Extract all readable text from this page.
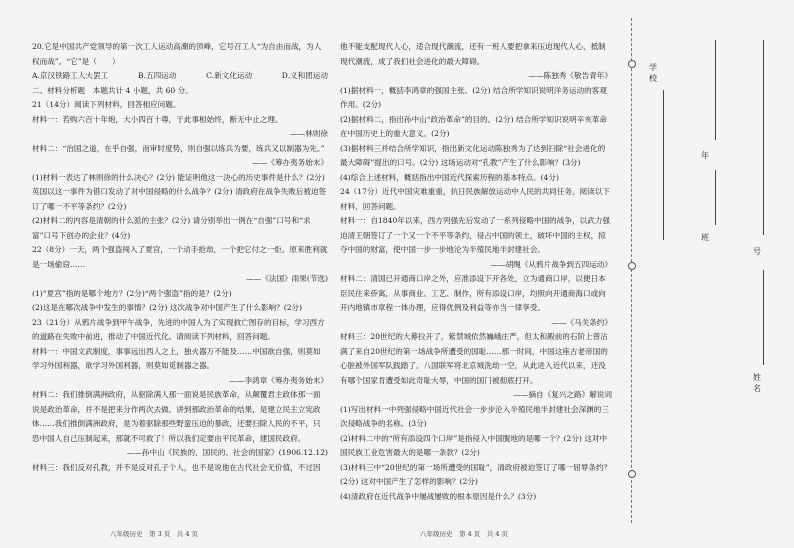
20.它是中国共产党领导的第一次工人运动高潮的顶峰，它号召工人“为自由而战，为人权而战”。“它”是（　　）

A.京汉铁路工人大罢工	B.五四运动	C.新文化运动	D.义和团运动

二、材料分析题　本题共计 4 小题，共 60 分。

21（14分）阅读下列材料，回答相应问题。

材料一：若购六百十年炮，大小四百十尊，于此事相始终，断无中止之理。

——林则徐

材料二：“治国之道，在乎自强，而审时度势，则自强以练兵为要，练兵又以制器为先。”

——《筹办夷务始末》

(1)材料一表达了林则徐的什么决心？(2分) 能证明他这一决心的历史事件是什么？(2分) 英国以这一事件为借口发动了对中国侵略的什么战争？(2分) 清政府在战争失败后被迫签订了哪一不平等条约？(2分)

(2)材料二的内容是清朝的什么派的主张？(2分) 请分别举出一例在“自强”口号和“求富”口号下创办的企业？(4分)

22（8分）一天，两个强盗闯入了夏宫，一个动手抢劫，一个把它付之一炬。原来胜利就是一场偷窃……

——《法国》雨果(节选)

(1)“夏宫”指的是哪个地方？(2分)“两个强盗”指的是？(2分)

(2)这是在哪次战争中发生的事情？(2分) 这次战争对中国产生了什么影响？(2分)

23（21分）从鸦片战争到甲午战争，先进的中国人为了实现救亡图存的目标，学习西方的道路在失败中前进，推动了中国近代化。请阅读下列材料，回答问题。

材料一：中国文武制度，事事远出西人之上，独火器万不能及……中国欲自强，则莫如学习外国利器，欲学习外国利器，则莫如觅制器之器。

——李鸿章《筹办夷务始末》

材料二：我们推倒满洲政府，从驱除满人那一面说是民族革命，从颠覆君主政体那一面说是政治革命，并不是把来分作两次去做。讲到那政治革命的结果，是建立民主立宪政体……我们推倒满洲政府，是为着驱除那些野蛮压迫的暴政，还要扫除人民的不平，只恐中国人自己压制起来，那就不可救了！所以我们定要由平民革命，建国民政府。

——孙中山《民族的、国民的、社会的国家》(1906.12.12)

材料三：我们反对孔教，并不是反对孔子个人，也不是说他在古代社会无价值，不过因

八年级历史　第 3 页　共 4 页

他不能支配现代人心，适合现代潮流，还有一班人要把拿来压迫现代人心，抵制现代潮流，成了我们社会进化的最大障碍。

——陈独秀《敬告青年》

(1)据材料一，概括李鸿章的强国主张。(2分) 结合所学知识说明洋务运动的客观作用。(2分)

(2)据材料二，指出孙中山“政治革命”的目的。(2分) 结合所学知识说明辛亥革命在中国历史上的重大意义。(2分)

(3)据材料三并结合所学知识，指出新文化运动陈独秀为了达到扫除“社会进化的最大障碍”提出的口号。(2分) 这场运动对“孔教”产生了什么影响？(3分)

(4)综合上述材料，概括指出中国近代探索历程的基本特点。(4分)

24（17分）近代中国灾难重重，抗日民族解放运动中人民的共同任务。阅读以下材料，回答问题。

材料一：自1840年以来，西方列强先后发动了一系列侵略中国的战争，以武力强迫清王朝签订了一个又一个不平等条约，侵占中国的领土，破坏中国的主权，掠夺中国的财富，使中国一步一步地沦为半殖民地半封建社会。

——胡绳《从鸦片战争到五四运动》

材料二：清国已开通商口岸之外，应准添设下开各处，立为通商口岸，以便日本臣民往来侨寓，从事商业、工艺、制作，所有添设口岸，均照向开通商海口或向开内地镇市章程一体办理，应得优例及利益等亦当一律享受。

——《马关条约》

材料三：20世纪的大幕拉开了，紫禁城依然巍峨庄严，但太和殿前的石阶上曾沾满了来自20世纪的第一场战争所遭受的国耻……那一时间，中国这座古老帝国的心脏被外国军队践踏了。八国联军将北京城洗劫一空，从此进入近代以来，还没有哪个国家肯遭受如此奇耻大辱，中国的国门被彻底打开。

——摘自《复兴之路》解说词

(1)写出材料一中列强侵略中国近代社会一步步沦入半殖民地半封建社会深渊的三次侵略战争的名称。(3分)

(2)材料二中的“所有添设四个口岸”是指侵入中国腹地的是哪一个？(2分) 这对中国民族工业危害最大的是哪一条款？(2分)

(3)材料三中“20世纪的第一场所遭受的国耻”，清政府被迫签订了哪一屈辱条约？(2分) 这对中国产生了怎样的影响？(2分)

(4)清政府在近代战争中屡战屡败的根本原因是什么？(3分)

八年级历史　第 4 页　共 4 页
学校
年
班
号
姓名
